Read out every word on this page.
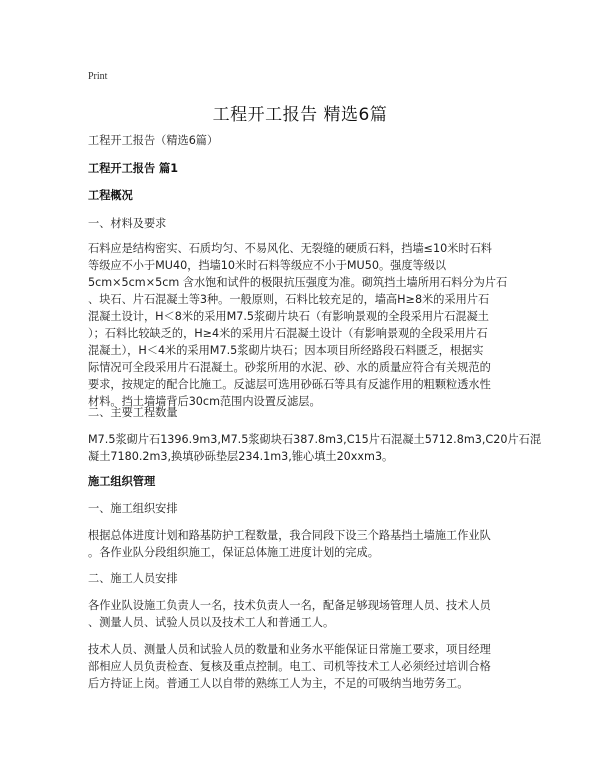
Print
工程开工报告 精选6篇
工程开工报告（精选6篇）
工程开工报告 篇1
工程概况
一、材料及要求
石料应是结构密实、石质均匀、不易风化、无裂缝的硬质石料，挡墙≤10米时石料
等级应不小于MU40，挡墙10米时石料等级应不小于MU50。强度等级以
5cm×5cm×5cm 含水饱和试件的极限抗压强度为准。砌筑挡土墙所用石料分为片石
、块石、片石混凝土等3种。一般原则，石料比较充足的，墙高H≥8米的采用片石
混凝土设计，H＜8米的采用M7.5浆砌片块石（有影响景观的全段采用片石混凝土
）；石料比较缺乏的，H≥4米的采用片石混凝土设计（有影响景观的全段采用片石
混凝土），H＜4米的采用M7.5浆砌片块石；因本项目所经路段石料匮乏，根据实
际情况可全段采用片石混凝土。砂浆所用的水泥、砂、水的质量应符合有关规范的
要求，按规定的配合比施工。反滤层可选用砂砾石等具有反滤作用的粗颗粒透水性
材料。挡土墙墙背后30cm范围内设置反滤层。
二、主要工程数量
M7.5浆砌片石1396.9m3,M7.5浆砌块石387.8m3,C15片石混凝土5712.8m3,C20片石混
凝土7180.2m3,换填砂砾垫层234.1m3,锥心填土20xxm3。
施工组织管理
一、施工组织安排
根据总体进度计划和路基防护工程数量，我合同段下设三个路基挡土墙施工作业队
。各作业队分段组织施工，保证总体施工进度计划的完成。
二、施工人员安排
各作业队设施工负责人一名，技术负责人一名，配备足够现场管理人员、技术人员
、测量人员、试验人员以及技术工人和普通工人。
技术人员、测量人员和试验人员的数量和业务水平能保证日常施工要求，项目经理
部相应人员负责检查、复核及重点控制。电工、司机等技术工人必须经过培训合格
后方持证上岗。普通工人以自带的熟练工人为主，不足的可吸纳当地劳务工。
